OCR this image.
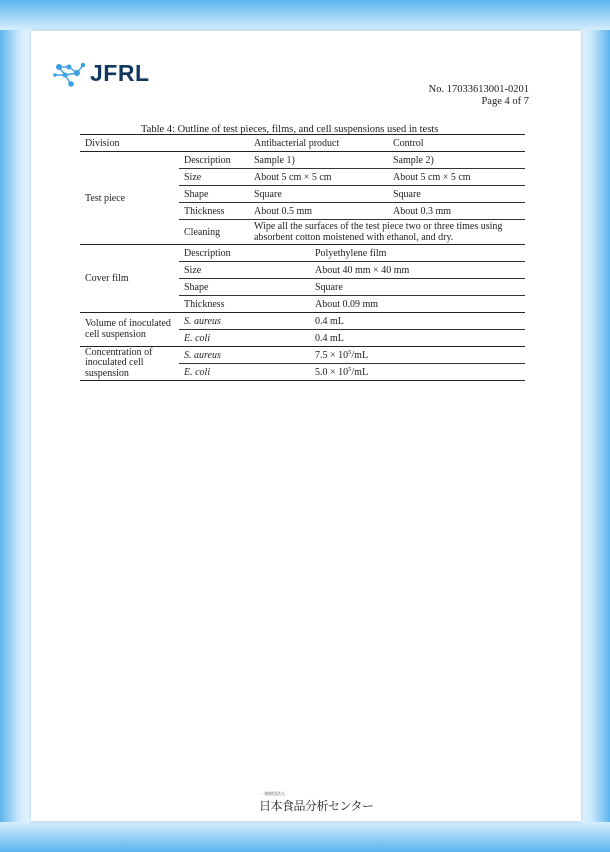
JFRL
No. 17033613001-0201
Page 4 of 7
Table 4: Outline of test pieces, films, and cell suspensions used in tests
Division		Antibacterial product	Control
Test piece	Description	Sample 1)	Sample 2)
	Size	About 5 cm × 5 cm	About 5 cm × 5 cm
	Shape	Square	Square
	Thickness	About 0.5 mm	About 0.3 mm
	Cleaning	Wipe all the surfaces of the test piece two or three times using absorbent cotton moistened with ethanol, and dry.	
Cover film	Description	Polyethylene film	
	Size	About 40 mm × 40 mm	
	Shape	Square	
	Thickness	About 0.09 mm	
Volume of inoculated cell suspension	S. aureus	0.4 mL	
	E. coli	0.4 mL	
Concentration of inoculated cell suspension	S. aureus	$7.5 \times 10^5/mL$	
	E. coli	$5.0 \times 10^5/mL$	
一般財団法人
日本食品分析センター
